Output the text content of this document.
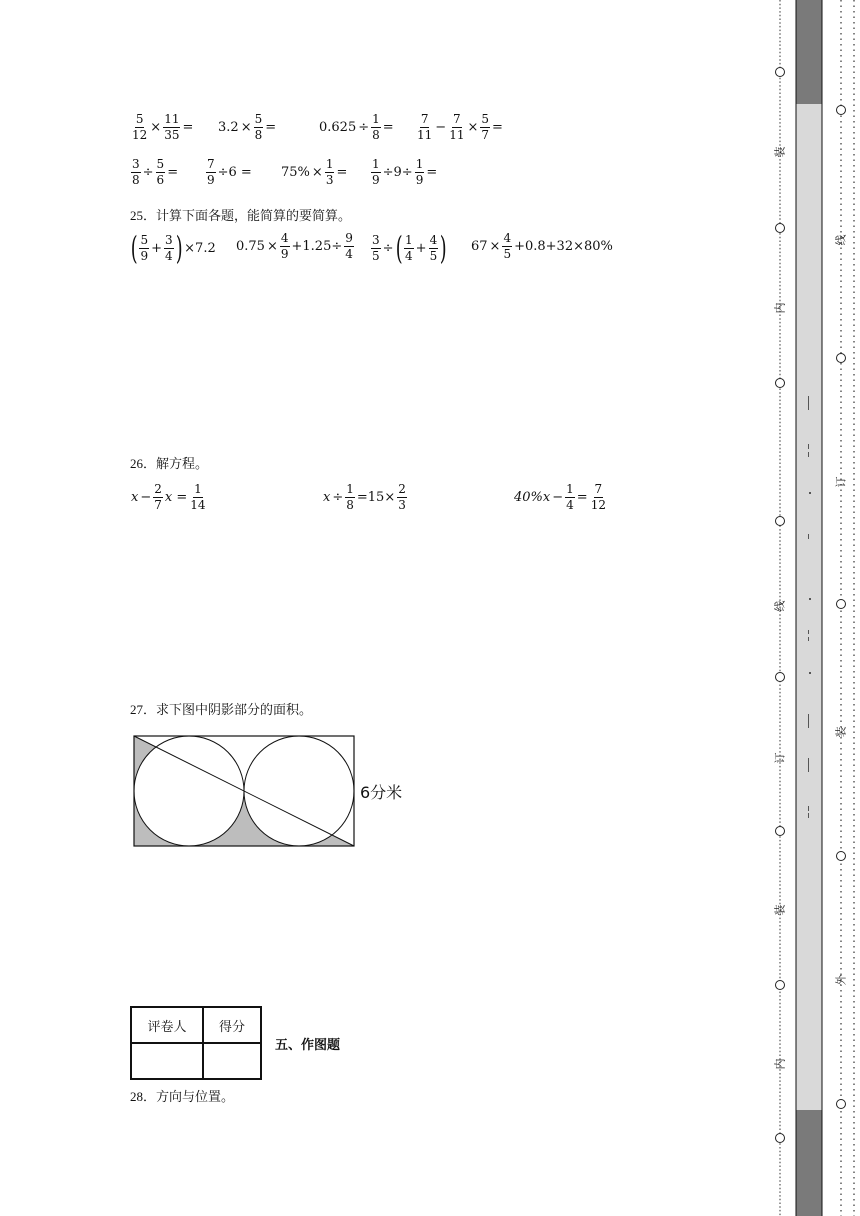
$\frac{5}{12} \times \frac{11}{35} = 3.2 \times \frac{5}{8}$ =	$0.625 \div \frac{1}{8} = \frac{7}{11} - \frac{7}{11} \times \frac{5}{7}$ =
$\frac{3}{8} \div \frac{5}{6} = \frac{7}{9} \div 6 = 75\% \times \frac{1}{3} = \frac{1}{9} \div 9\div \frac{1}{9}$ =
25．计算下面各题，能简算的要简算。
( $\frac{5}{9} + \frac{3}{4}$ ) ×7.2 $0.75 \times \frac{4}{9} +1.25\div \frac{9}{4} \frac{3}{5}$ ÷ ( $\frac{1}{4} + \frac{4}{5}$ ) $67 \times \frac{4}{5} +0.8+32\times 80\%$
26．解方程。
$x - \frac{2}{7}$ $x = \frac{1}{14}$	$x \div \frac{1}{8} =15\times \frac{2}{3}$	$40\%x - \frac{1}{4} = \frac{7}{12}$
27．求下图中阴影部分的面积。
6分米
评卷人	得分

五、作图题
28．方向与位置。
装
内
线
订
装
内
线
订
装
外
